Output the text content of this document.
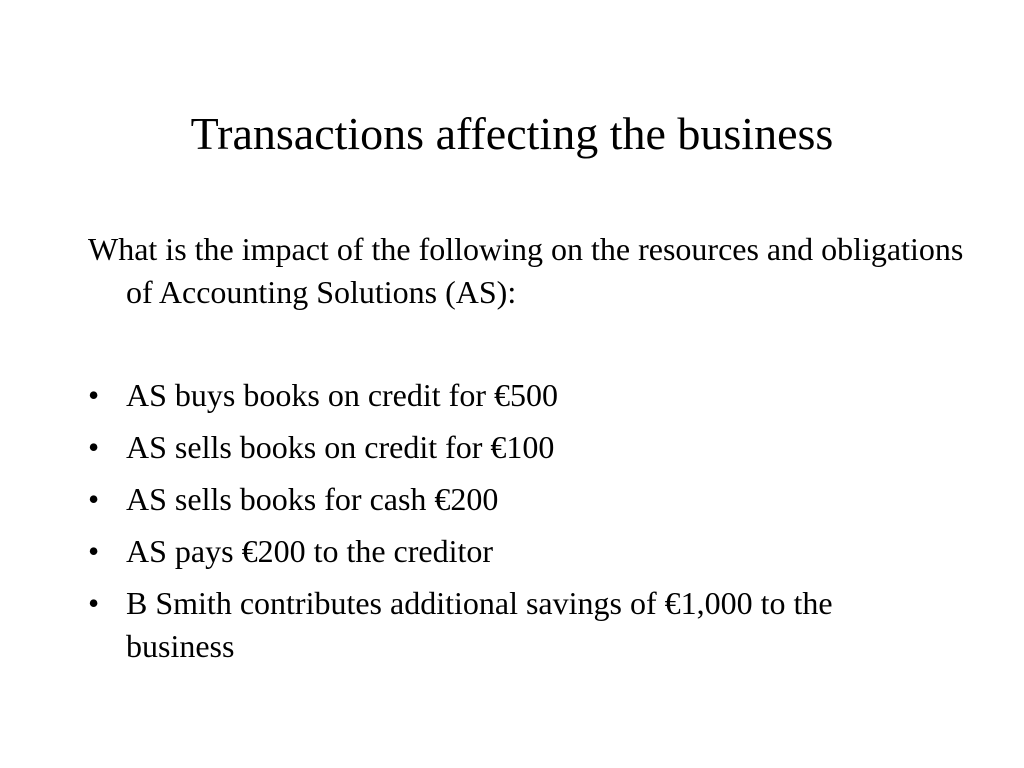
Transactions affecting the business

What is the impact of the following on the resources and obligations of Accounting Solutions (AS):

• AS buys books on credit for €500
• AS sells books on credit for €100
• AS sells books for cash €200
• AS pays €200 to the creditor
• B Smith contributes additional savings of €1,000 to the business
